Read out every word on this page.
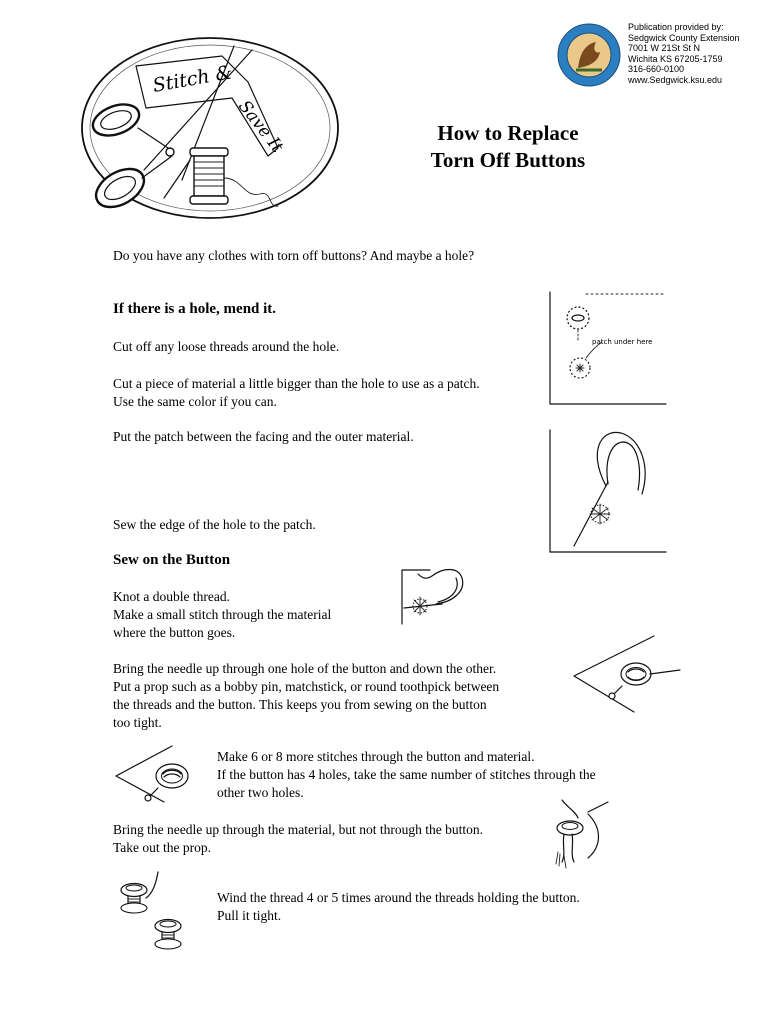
Stitch &
Save It
Publication provided by:
Sedgwick County Extension
7001 W 21St St N
Wichita KS 67205-1759
316-660-0100
www.Sedgwick.ksu.edu
How to Replace
Torn Off Buttons
Do you have any clothes with torn off buttons? And maybe a hole?
If there is a hole, mend it.
Cut off any loose threads around the hole.
Cut a piece of material a little bigger than the hole to use as a patch.
Use the same color if you can.
Put the patch between the facing and the outer material.
Sew the edge of the hole to the patch.
patch under here
Sew on the Button
Knot a double thread.
Make a small stitch through the material
where the button goes.
Bring the needle up through one hole of the button and down the other.
Put a prop such as a bobby pin, matchstick, or round toothpick between
the threads and the button. This keeps you from sewing on the button
too tight.
Make 6 or 8 more stitches through the button and material.
If the button has 4 holes, take the same number of stitches through the
other two holes.
Bring the needle up through the material, but not through the button.
Take out the prop.
Wind the thread 4 or 5 times around the threads holding the button.
Pull it tight.
